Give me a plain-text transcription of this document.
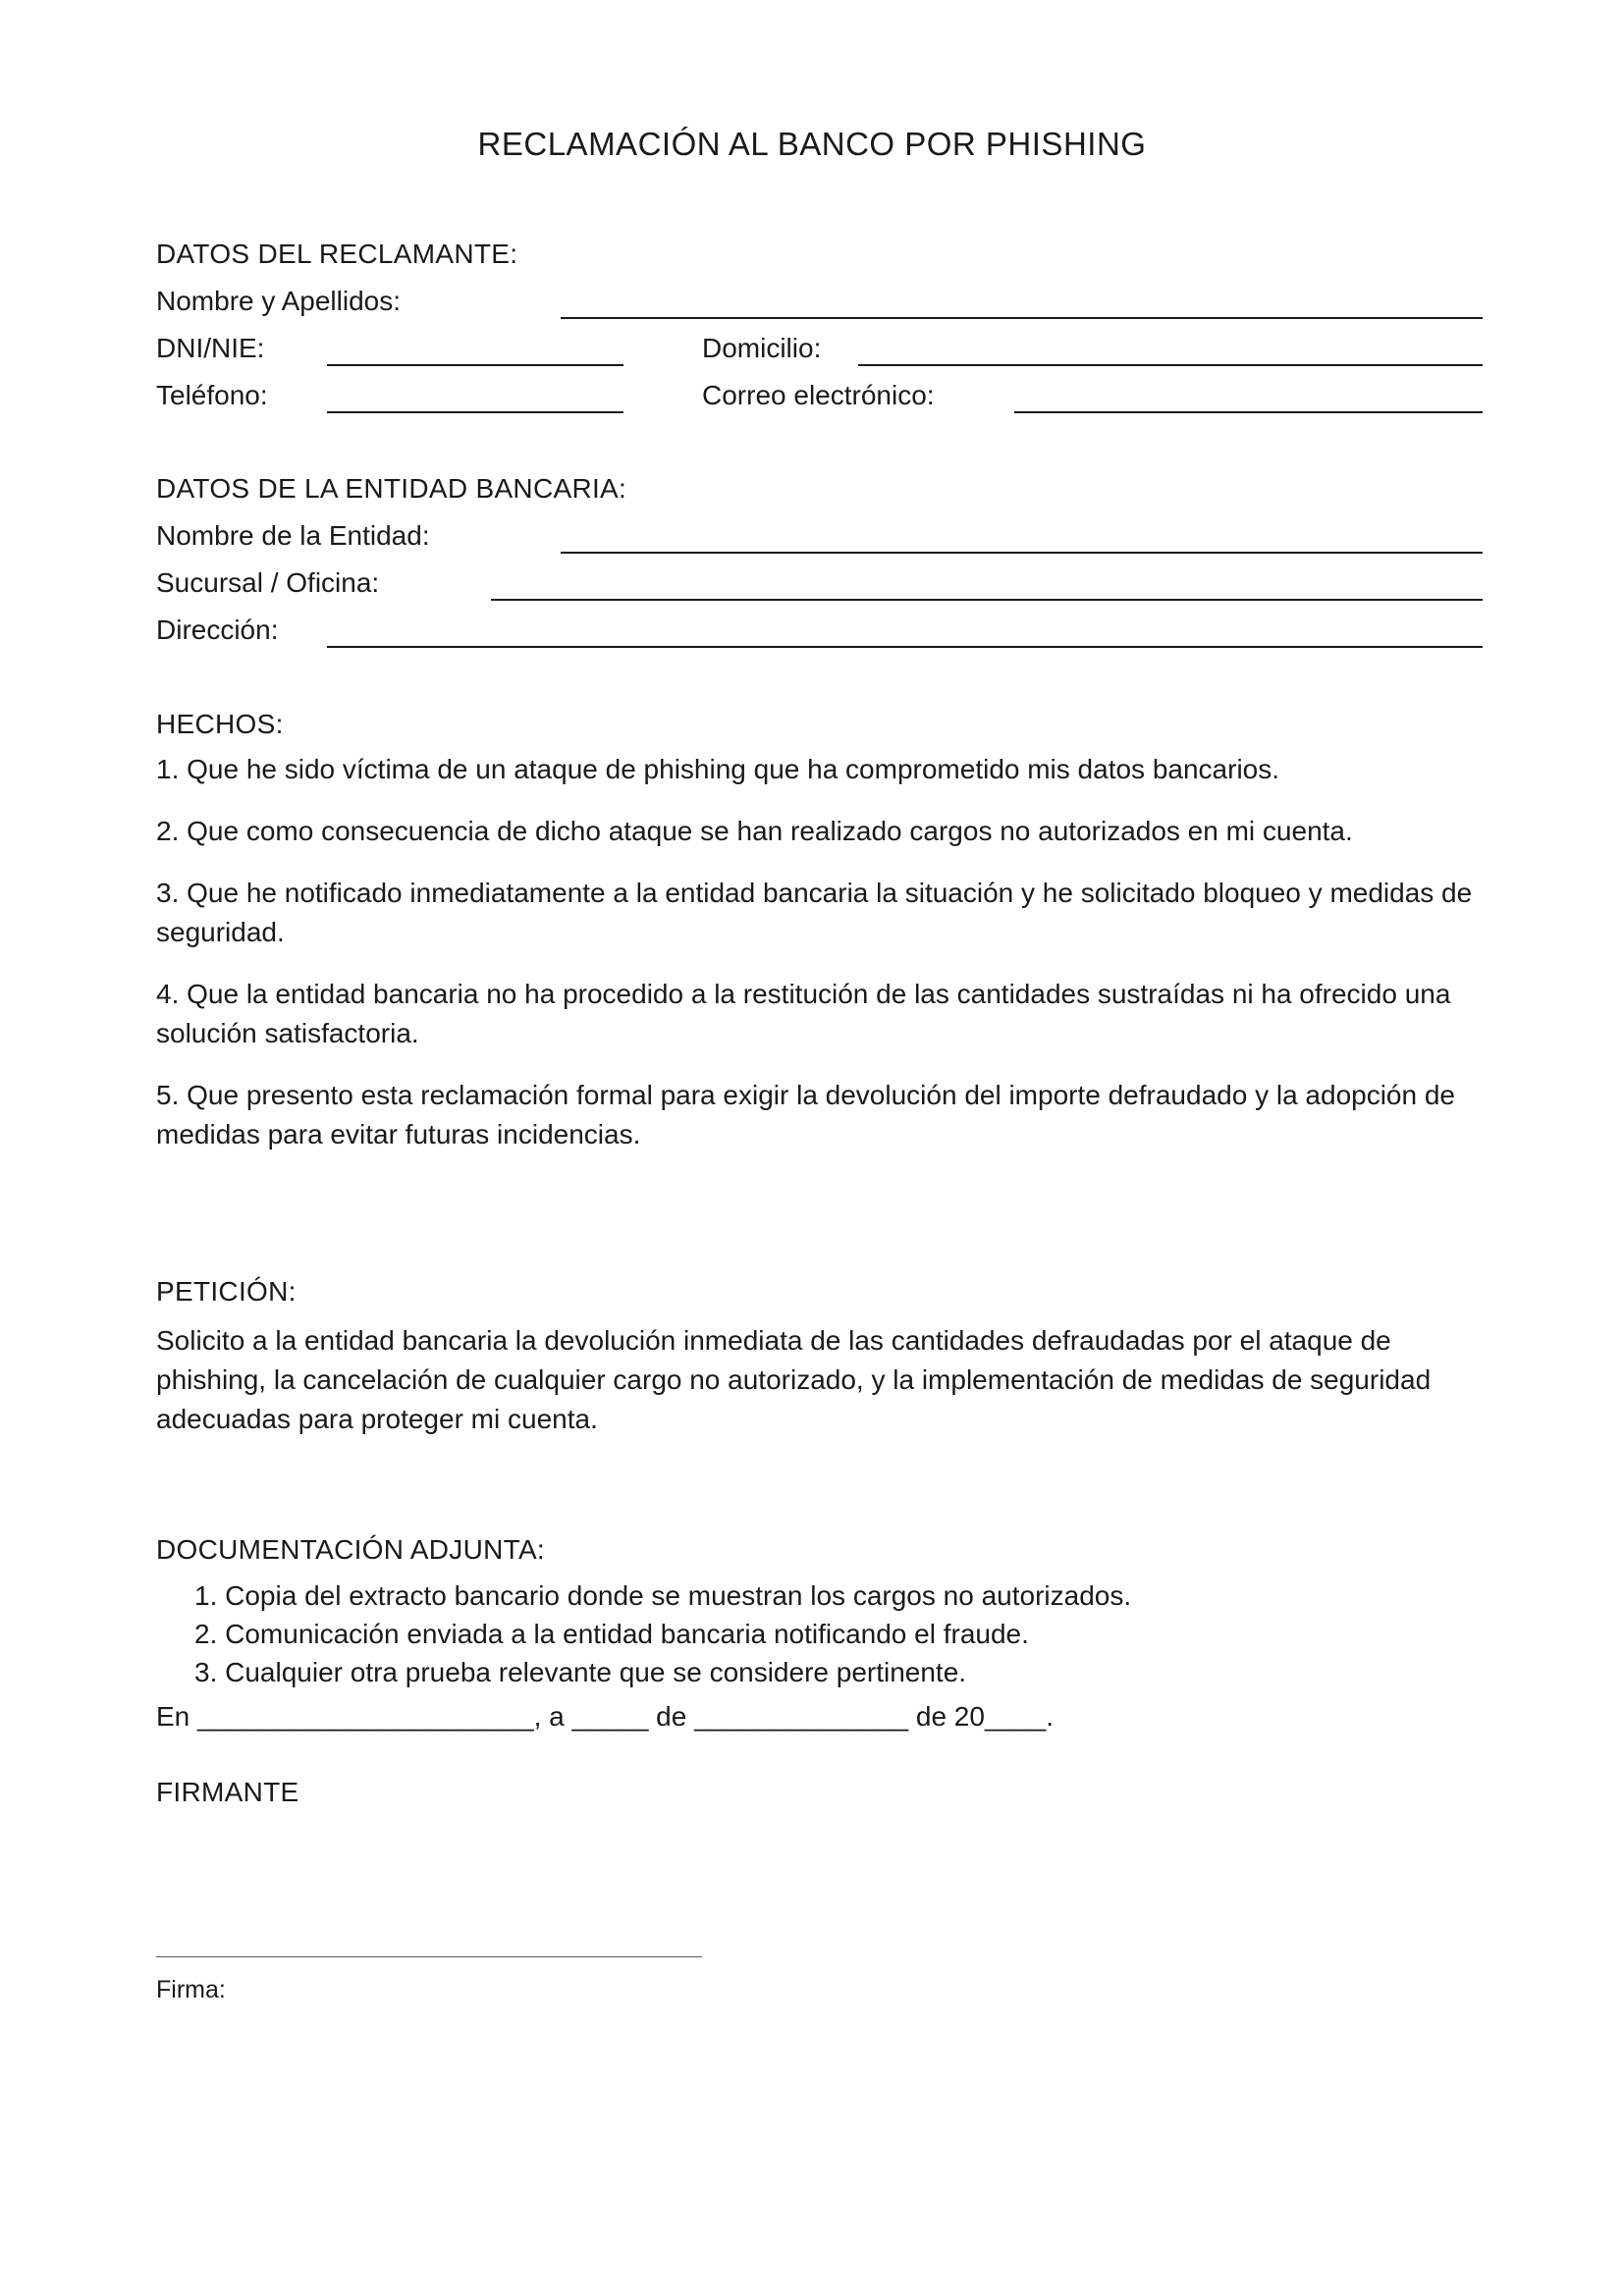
RECLAMACIÓN AL BANCO POR PHISHING
DATOS DEL RECLAMANTE:
Nombre y Apellidos:
DNI/NIE:	Domicilio:
Teléfono:	Correo electrónico:
DATOS DE LA ENTIDAD BANCARIA:
Nombre de la Entidad:
Sucursal / Oficina:
Dirección:
HECHOS:
1. Que he sido víctima de un ataque de phishing que ha comprometido mis datos bancarios.
2. Que como consecuencia de dicho ataque se han realizado cargos no autorizados en mi cuenta.
3. Que he notificado inmediatamente a la entidad bancaria la situación y he solicitado bloqueo y medidas de seguridad.
4. Que la entidad bancaria no ha procedido a la restitución de las cantidades sustraídas ni ha ofrecido una solución satisfactoria.
5. Que presento esta reclamación formal para exigir la devolución del importe defraudado y la adopción de medidas para evitar futuras incidencias.
PETICIÓN:
Solicito a la entidad bancaria la devolución inmediata de las cantidades defraudadas por el ataque de phishing, la cancelación de cualquier cargo no autorizado, y la implementación de medidas de seguridad adecuadas para proteger mi cuenta.
DOCUMENTACIÓN ADJUNTA:
1. Copia del extracto bancario donde se muestran los cargos no autorizados.
2. Comunicación enviada a la entidad bancaria notificando el fraude.
3. Cualquier otra prueba relevante que se considere pertinente.
En ______________________, a _____ de ______________ de 20____.
FIRMANTE
Firma:
